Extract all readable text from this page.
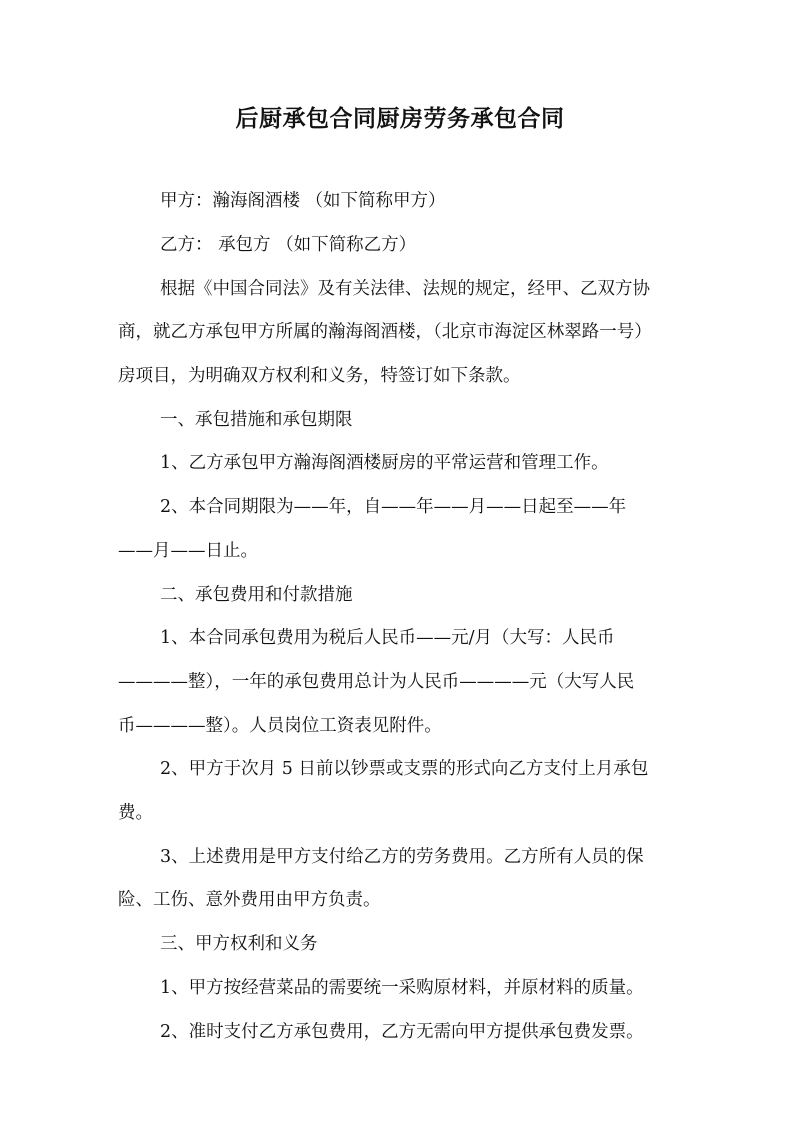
后厨承包合同厨房劳务承包合同
甲方：瀚海阁酒楼 （如下简称甲方）
乙方： 承包方 （如下简称乙方）
根据《中国合同法》及有关法律、法规的规定，经甲、乙双方协
商，就乙方承包甲方所属的瀚海阁酒楼，（北京市海淀区林翠路一号）
房项目，为明确双方权利和义务，特签订如下条款。
一、承包措施和承包期限
1、乙方承包甲方瀚海阁酒楼厨房的平常运营和管理工作。
2、本合同期限为——年，自——年——月——日起至——年
——月——日止。
二、承包费用和付款措施
1、本合同承包费用为税后人民币——元/月（大写：人民币
————整），一年的承包费用总计为人民币————元（大写人民
币————整）。人员岗位工资表见附件。
2、甲方于次月 5 日前以钞票或支票的形式向乙方支付上月承包
费。
3、上述费用是甲方支付给乙方的劳务费用。乙方所有人员的保
险、工伤、意外费用由甲方负责。
三、甲方权利和义务
1、甲方按经营菜品的需要统一采购原材料，并原材料的质量。
2、准时支付乙方承包费用，乙方无需向甲方提供承包费发票。
